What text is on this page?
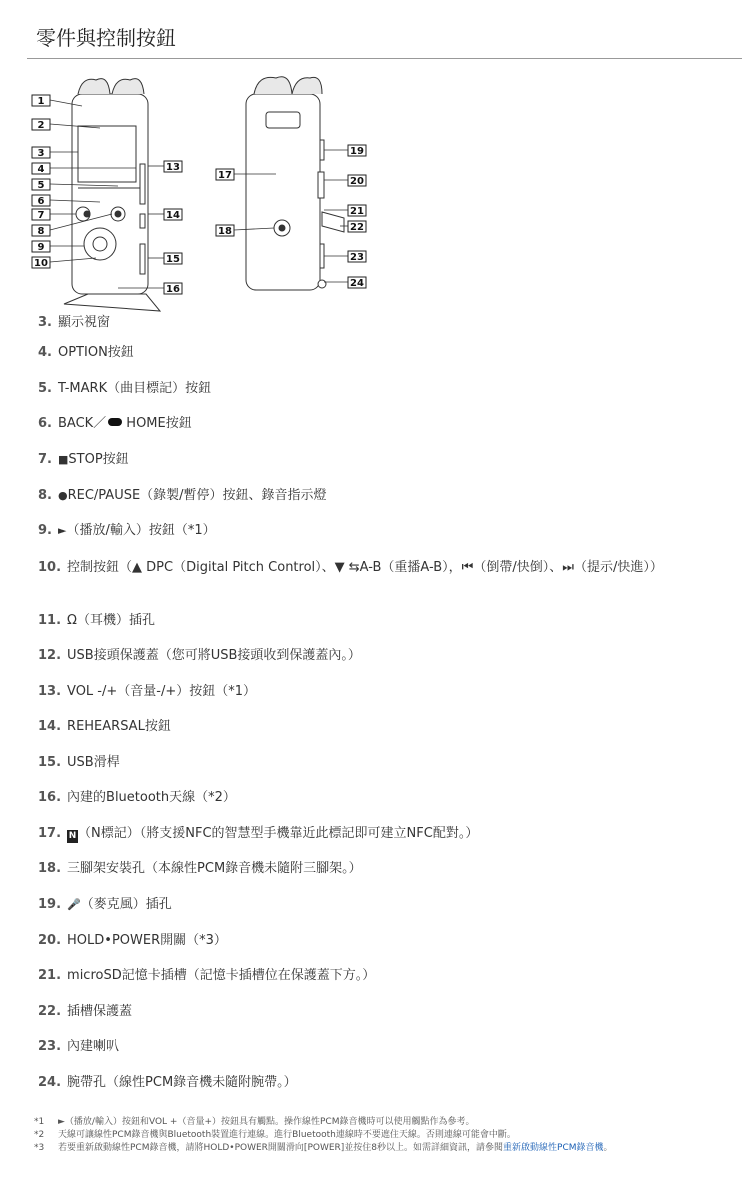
零件與控制按鈕
1
2
3
4
5
6
7
8
9
10
13
14
15
16
17
18
19
20
21
22
23
24
3. 顯示視窗
4. OPTION按鈕
5. T-MARK（曲目標記）按鈕
6. BACK／ HOME按鈕
7. ■STOP按鈕
8. ●REC/PAUSE（錄製/暫停）按鈕、錄音指示燈
9. ►（播放/輸入）按鈕（*1）
10. 控制按鈕（▲ DPC（Digital Pitch Control）、▼ ⇆A-B（重播A-B），⏮（倒帶/快倒）、⏭（提示/快進））
11. Ω（耳機）插孔
12. USB接頭保護蓋（您可將USB接頭收到保護蓋內。）
13. VOL -/+（音量-/+）按鈕（*1）
14. REHEARSAL按鈕
15. USB滑桿
16. 內建的Bluetooth天線（*2）
17. N （N標記）（將支援NFC的智慧型手機靠近此標記即可建立NFC配對。）
18. 三腳架安裝孔（本線性PCM錄音機未隨附三腳架。）
19. 🎤（麥克風）插孔
20. HOLD•POWER開關（*3）
21. microSD記憶卡插槽（記憶卡插槽位在保護蓋下方。）
22. 插槽保護蓋
23. 內建喇叭
24. 腕帶孔（線性PCM錄音機未隨附腕帶。）
*1 ►（播放/輸入）按鈕和VOL +（音量+）按鈕具有觸點。操作線性PCM錄音機時可以使用觸點作為參考。
*2 天線可讓線性PCM錄音機與Bluetooth裝置進行連線。進行Bluetooth連線時不要遮住天線。否則連線可能會中斷。
*3 若要重新啟動線性PCM錄音機，請將HOLD•POWER開關滑向[POWER]並按住8秒以上。如需詳細資訊，請參閱重新啟動線性PCM錄音機。
